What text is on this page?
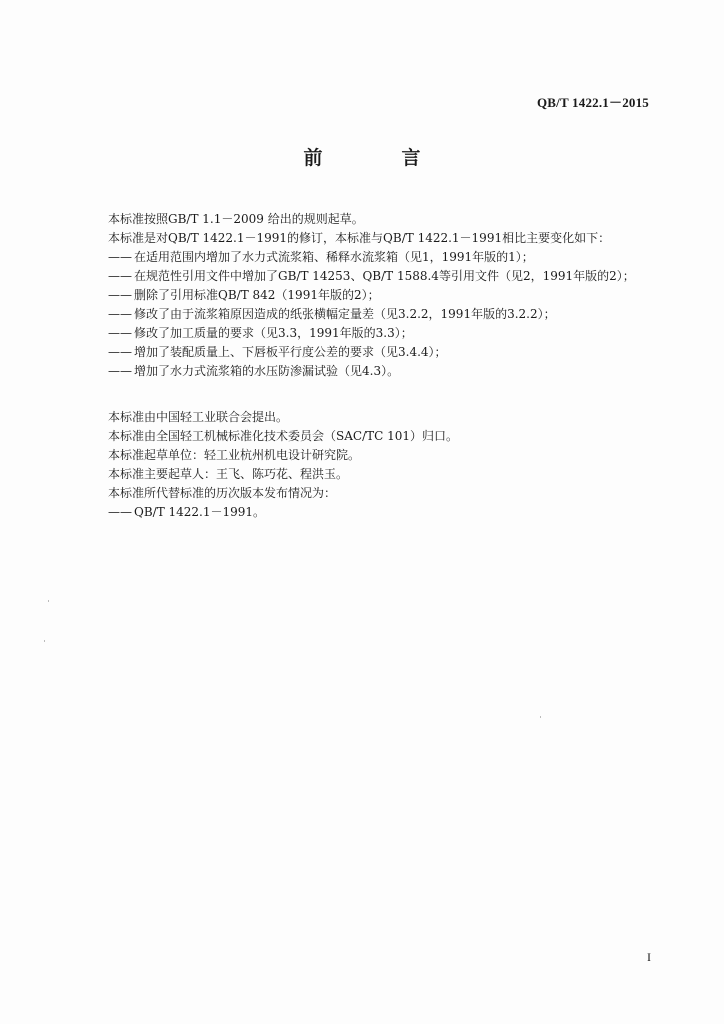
QB/T 1422.1－2015
前　言
本标准按照GB/T 1.1－2009 给出的规则起草。
本标准是对QB/T 1422.1－1991的修订，本标准与QB/T 1422.1－1991相比主要变化如下：
—— 在适用范围内增加了水力式流浆箱、稀释水流浆箱（见1，1991年版的1）；
—— 在规范性引用文件中增加了GB/T 14253、QB/T 1588.4等引用文件（见2，1991年版的2）；
—— 删除了引用标准QB/T 842（1991年版的2）；
—— 修改了由于流浆箱原因造成的纸张横幅定量差（见3.2.2，1991年版的3.2.2）；
—— 修改了加工质量的要求（见3.3，1991年版的3.3）；
—— 增加了装配质量上、下唇板平行度公差的要求（见3.4.4）；
—— 增加了水力式流浆箱的水压防渗漏试验（见4.3）。
本标准由中国轻工业联合会提出。
本标准由全国轻工机械标准化技术委员会（SAC/TC 101）归口。
本标准起草单位：轻工业杭州机电设计研究院。
本标准主要起草人：王飞、陈巧花、程洪玉。
本标准所代替标准的历次版本发布情况为：
—— QB/T 1422.1－1991。
I
